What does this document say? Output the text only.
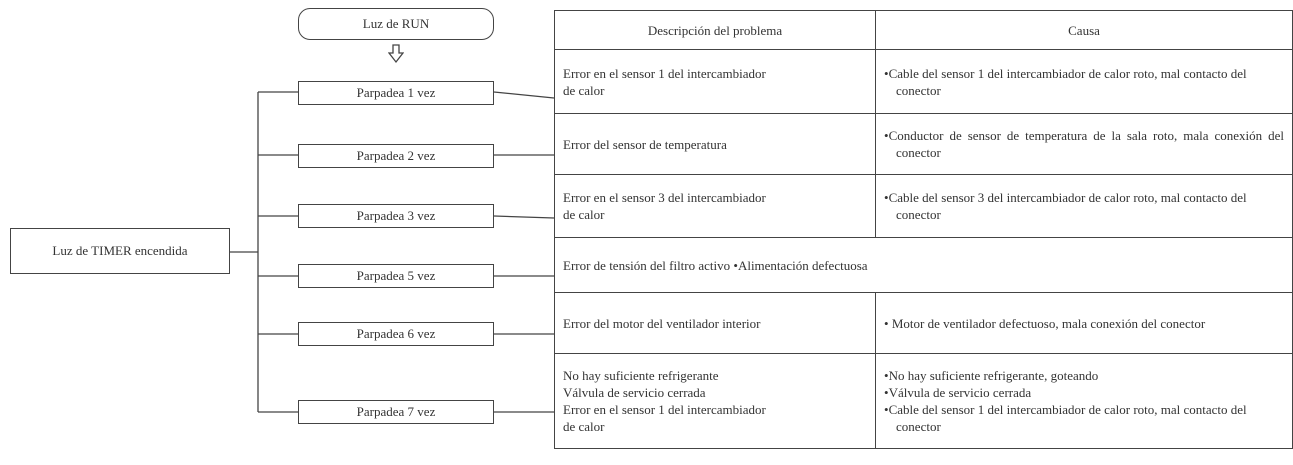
Luz de RUN
Luz de TIMER encendida
Parpadea 1 vez
Parpadea 2 vez
Parpadea 3 vez
Parpadea 5 vez
Parpadea 6 vez
Parpadea 7 vez
Descripción del problema	Causa

Error en el sensor 1 del intercambiador
de calor	•Cable del sensor 1 del intercambiador de calor roto, mal contacto del conector

Error del sensor de temperatura	•Conductor de sensor de temperatura de la sala roto, mala conexión del conector

Error en el sensor 3 del intercambiador
de calor	•Cable del sensor 3 del intercambiador de calor roto, mal contacto del conector

Error de tensión del filtro activo •Alimentación defectuosa	

Error del motor del ventilador interior	• Motor de ventilador defectuoso, mala conexión del conector

No hay suficiente refrigerante
Válvula de servicio cerrada
Error en el sensor 1 del intercambiador
de calor	•No hay suficiente refrigerante, goteando
•Válvula de servicio cerrada
•Cable del sensor 1 del intercambiador de calor roto, mal contacto del conector
